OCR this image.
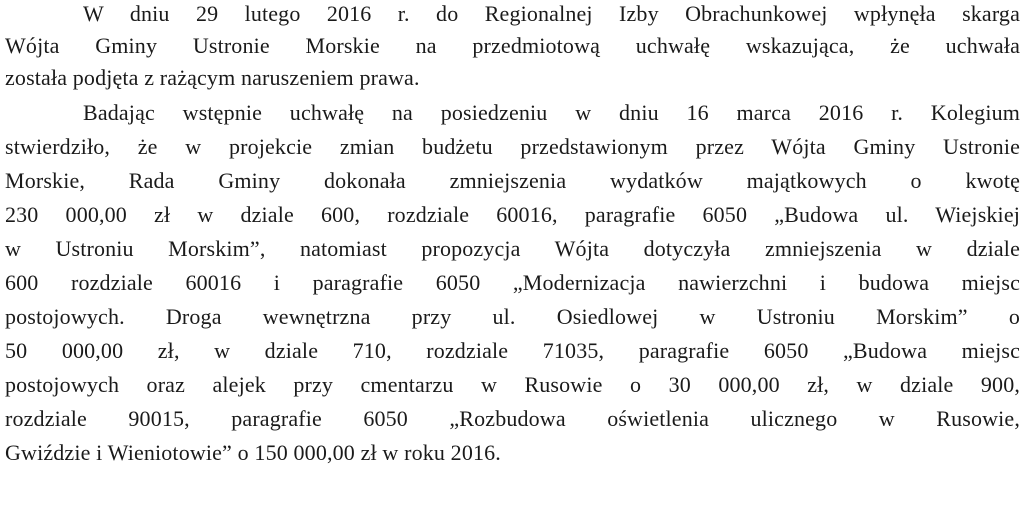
W dniu 29 lutego 2016 r. do Regionalnej Izby Obrachunkowej wpłynęła skarga
Wójta Gminy Ustronie Morskie na przedmiotową uchwałę wskazująca, że uchwała
została podjęta z rażącym naruszeniem prawa.
Badając wstępnie uchwałę na posiedzeniu w dniu 16 marca 2016 r. Kolegium
stwierdziło, że w projekcie zmian budżetu przedstawionym przez Wójta Gminy Ustronie
Morskie, Rada Gminy dokonała zmniejszenia wydatków majątkowych o kwotę
230 000,00 zł w dziale 600, rozdziale 60016, paragrafie 6050 „Budowa ul. Wiejskiej
w Ustroniu Morskim”, natomiast propozycja Wójta dotyczyła zmniejszenia w dziale
600 rozdziale 60016 i paragrafie 6050 „Modernizacja nawierzchni i budowa miejsc
postojowych. Droga wewnętrzna przy ul. Osiedlowej w Ustroniu Morskim” o
50 000,00 zł, w dziale 710, rozdziale 71035, paragrafie 6050 „Budowa miejsc
postojowych oraz alejek przy cmentarzu w Rusowie o 30 000,00 zł, w dziale 900,
rozdziale 90015, paragrafie 6050 „Rozbudowa oświetlenia ulicznego w Rusowie,
Gwiździe i Wieniotowie” o 150 000,00 zł w roku 2016.
